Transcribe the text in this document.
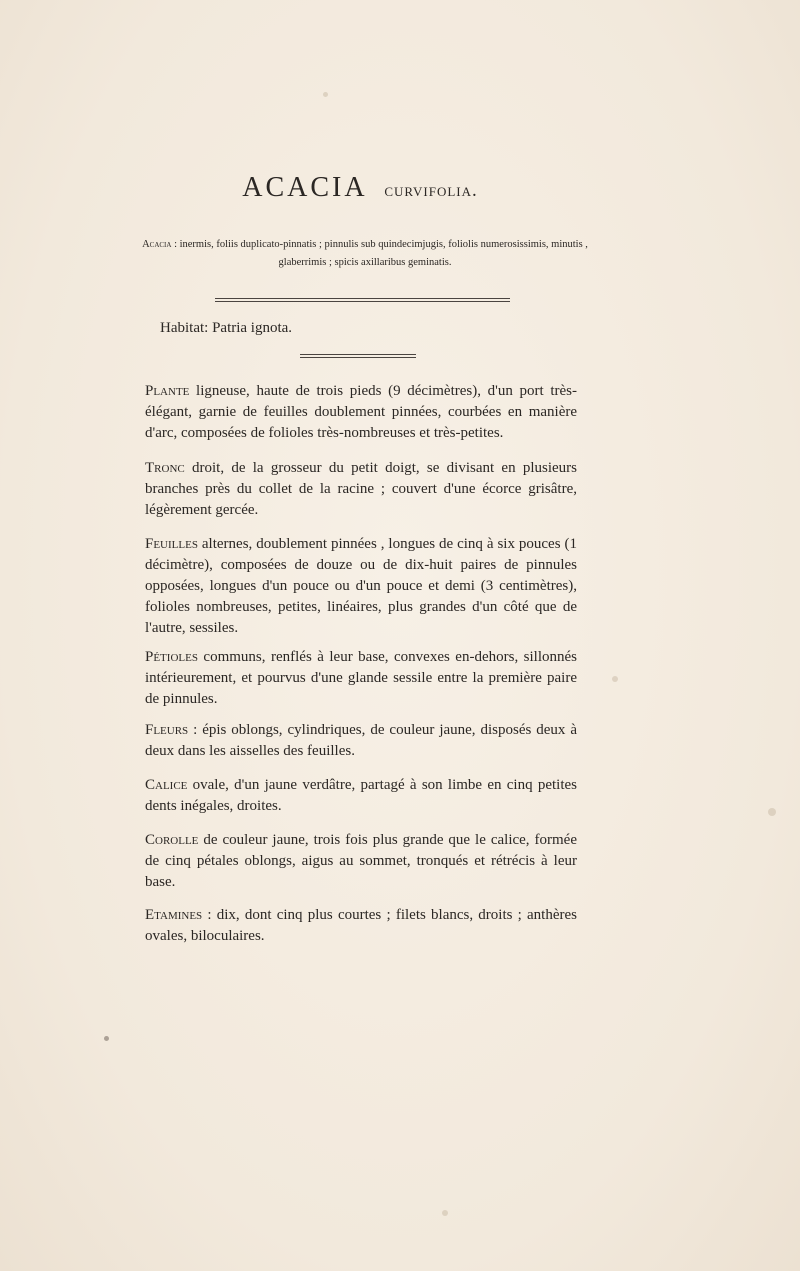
ACACIA curvifolia.
Acacia : inermis, foliis duplicato-pinnatis ; pinnulis sub quindecimjugis, foliolis numerosissimis, minutis , glaberrimis ; spicis axillaribus geminatis.
Habitat: Patria ignota.
Plante ligneuse, haute de trois pieds (9 décimètres), d'un port très-élégant, garnie de feuilles doublement pinnées, courbées en manière d'arc, composées de folioles très-nombreuses et très-petites.
Tronc droit, de la grosseur du petit doigt, se divisant en plusieurs branches près du collet de la racine ; couvert d'une écorce grisâtre, légèrement gercée.
Feuilles alternes, doublement pinnées , longues de cinq à six pouces (1 décimètre), composées de douze ou de dix-huit paires de pinnules opposées, longues d'un pouce ou d'un pouce et demi (3 centimètres), folioles nombreuses, petites, linéaires, plus grandes d'un côté que de l'autre, sessiles.
Pétioles communs, renflés à leur base, convexes en-dehors, sillonnés intérieurement, et pourvus d'une glande sessile entre la première paire de pinnules.
Fleurs : épis oblongs, cylindriques, de couleur jaune, disposés deux à deux dans les aisselles des feuilles.
Calice ovale, d'un jaune verdâtre, partagé à son limbe en cinq petites dents inégales, droites.
Corolle de couleur jaune, trois fois plus grande que le calice, formée de cinq pétales oblongs, aigus au sommet, tronqués et rétrécis à leur base.
Etamines : dix, dont cinq plus courtes ; filets blancs, droits ; anthères ovales, biloculaires.
